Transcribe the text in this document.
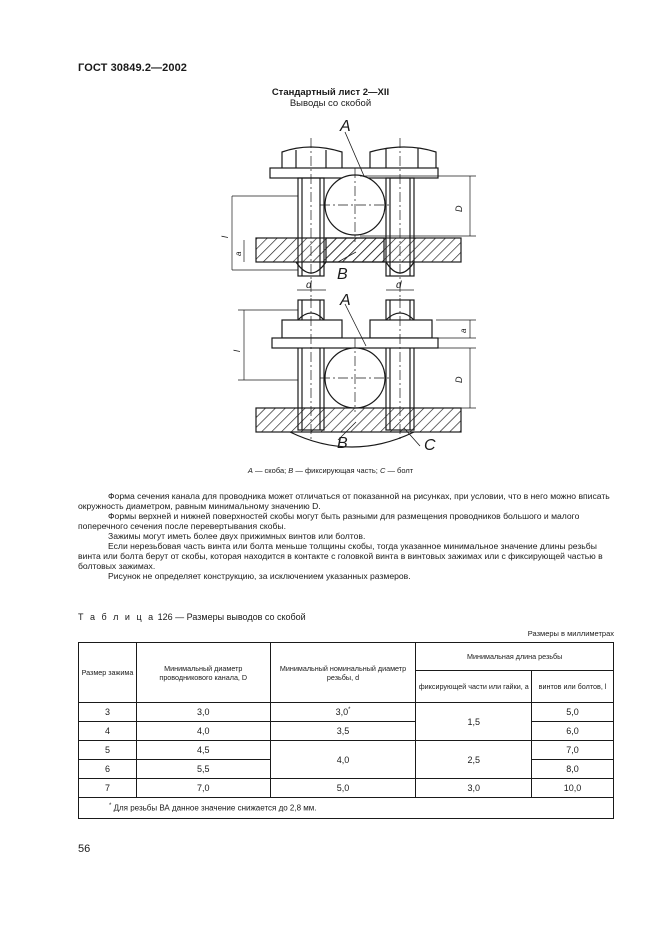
ГОСТ 30849.2—2002
Стандартный лист 2—XII
Выводы со скобой
A
B
A
B	C
d	d
D
D
l
l
a
a
A — скоба; B — фиксирующая часть; C — болт

Форма сечения канала для проводника может отличаться от показанной на рисунках, при условии, что в него можно вписать окружность диаметром, равным минимальному значению D.

Формы верхней и нижней поверхностей скобы могут быть разными для размещения проводников большого и малого поперечного сечения после перевертывания скобы.

Зажимы могут иметь более двух прижимных винтов или болтов.

Если нерезьбовая часть винта или болта меньше толщины скобы, тогда указанное минимальное значение длины резьбы винта или болта берут от скобы, которая находится в контакте с головкой винта в винтовых зажимах или с фиксирующей частью в болтовых зажимах.

Рисунок не определяет конструкцию, за исключением указанных размеров.

Т а б л и ц а 126 — Размеры выводов со скобой
Размеры в миллиметрах
Размер зажима	Минимальный диаметр проводникового канала, D	Минимальный номинальный диаметр резьбы, d	Минимальная длина резьбы	
			фиксирующей части или гайки, a	винтов или болтов, l
3	3,0	3,0*	1,5	5,0
4	4,0	3,5		6,0
5	4,5	4,0	2,5	7,0
6	5,5			8,0
7	7,0	5,0	3,0	10,0
* Для резьбы ВА данное значение снижается до 2,8 мм.				
56
